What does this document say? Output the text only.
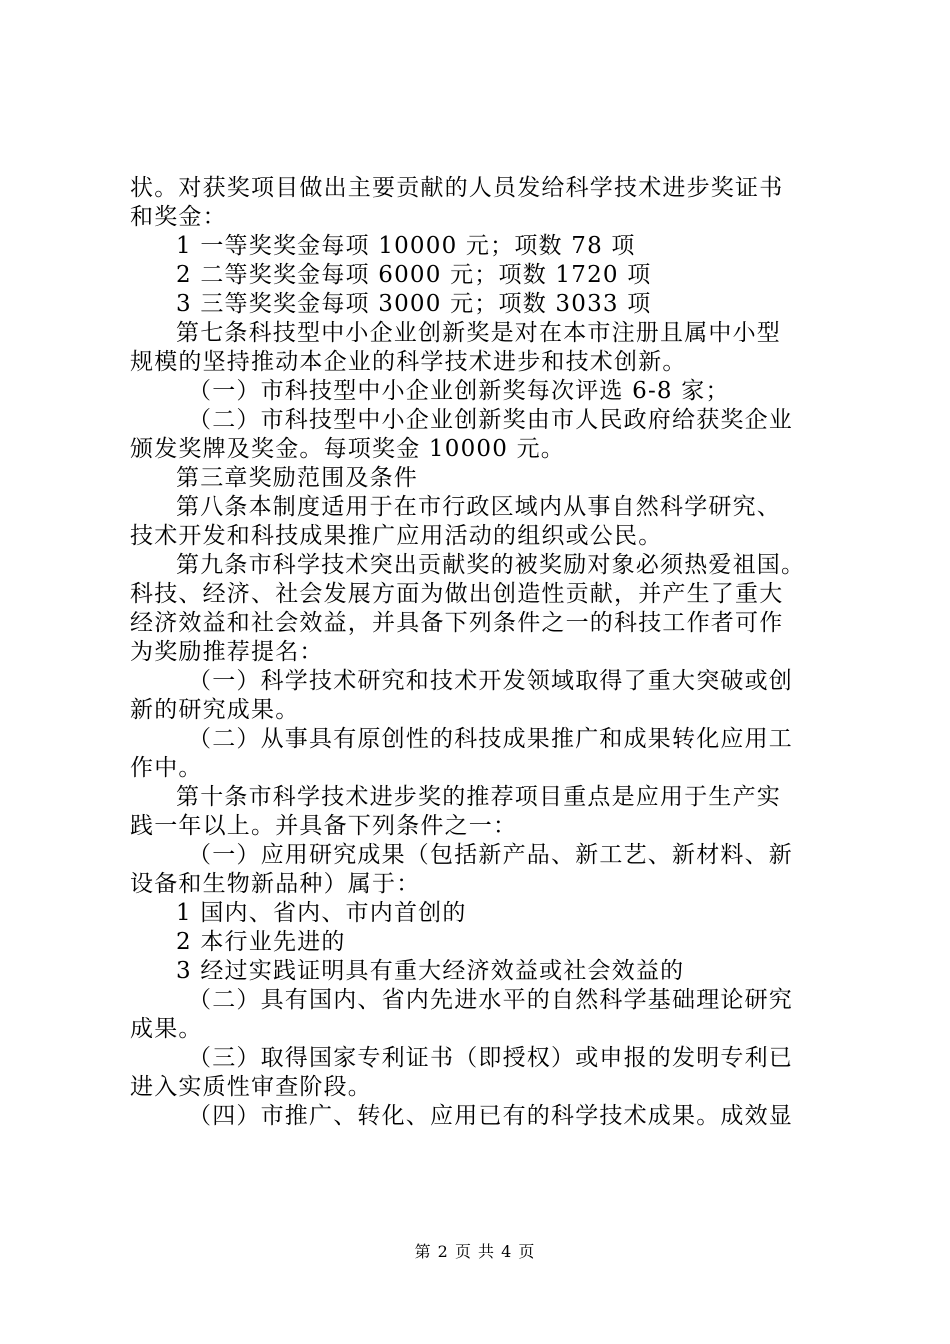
状。对获奖项目做出主要贡献的人员发给科学技术进步奖证书
和奖金：
1 一等奖奖金每项 10000 元；项数 78 项
2 二等奖奖金每项 6000 元；项数 1720 项
3 三等奖奖金每项 3000 元；项数 3033 项
第七条科技型中小企业创新奖是对在本市注册且属中小型
规模的坚持推动本企业的科学技术进步和技术创新。
（一）市科技型中小企业创新奖每次评选 6-8 家；
（二）市科技型中小企业创新奖由市人民政府给获奖企业
颁发奖牌及奖金。每项奖金 10000 元。
第三章奖励范围及条件
第八条本制度适用于在市行政区域内从事自然科学研究、
技术开发和科技成果推广应用活动的组织或公民。
第九条市科学技术突出贡献奖的被奖励对象必须热爱祖国。
科技、经济、社会发展方面为做出创造性贡献，并产生了重大
经济效益和社会效益，并具备下列条件之一的科技工作者可作
为奖励推荐提名：
（一）科学技术研究和技术开发领域取得了重大突破或创
新的研究成果。
（二）从事具有原创性的科技成果推广和成果转化应用工
作中。
第十条市科学技术进步奖的推荐项目重点是应用于生产实
践一年以上。并具备下列条件之一：
（一）应用研究成果（包括新产品、新工艺、新材料、新
设备和生物新品种）属于：
1 国内、省内、市内首创的
2 本行业先进的
3 经过实践证明具有重大经济效益或社会效益的
（二）具有国内、省内先进水平的自然科学基础理论研究
成果。
（三）取得国家专利证书（即授权）或申报的发明专利已
进入实质性审查阶段。
（四）市推广、转化、应用已有的科学技术成果。成效显
第 2 页 共 4 页
